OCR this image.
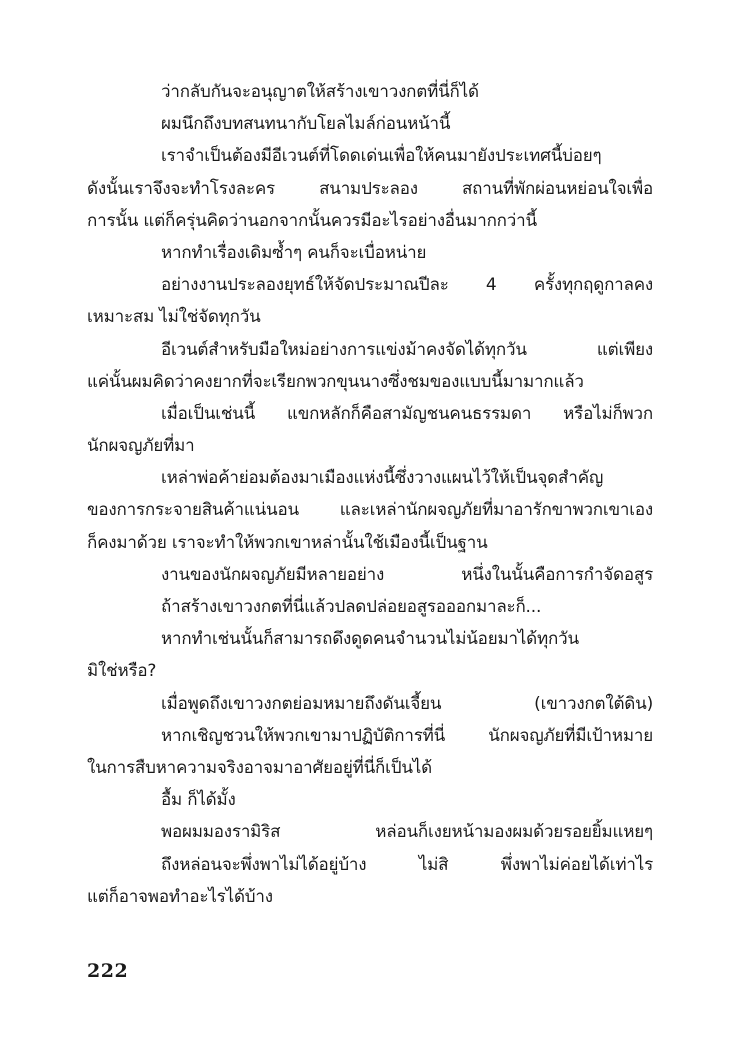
ว่ากลับกันจะอนุญาตให้สร้างเขาวงกตที่นี่ก็ได้
ผมนึกถึงบทสนทนากับโยลไมล์ก่อนหน้านี้
เราจำเป็นต้องมีอีเวนต์ที่โดดเด่นเพื่อให้คนมายังประเทศนี้บ่อยๆ
ดังนั้นเราจึงจะทำโรงละคร สนามประลอง สถานที่พักผ่อนหย่อนใจเพื่อ
การนั้น แต่ก็ครุ่นคิดว่านอกจากนั้นควรมีอะไรอย่างอื่นมากกว่านี้
หากทำเรื่องเดิมซ้ำๆ คนก็จะเบื่อหน่าย
อย่างงานประลองยุทธ์ให้จัดประมาณปีละ 4 ครั้งทุกฤดูกาลคง
เหมาะสม ไม่ใช่จัดทุกวัน
อีเวนต์สำหรับมือใหม่อย่างการแข่งม้าคงจัดได้ทุกวัน แต่เพียง
แค่นั้นผมคิดว่าคงยากที่จะเรียกพวกขุนนางซึ่งชมของแบบนี้มามากแล้ว
เมื่อเป็นเช่นนี้ แขกหลักก็คือสามัญชนคนธรรมดา หรือไม่ก็พวก
นักผจญภัยที่มา
เหล่าพ่อค้าย่อมต้องมาเมืองแห่งนี้ซึ่งวางแผนไว้ให้เป็นจุดสำคัญ
ของการกระจายสินค้าแน่นอน และเหล่านักผจญภัยที่มาอารักขาพวกเขาเอง
ก็คงมาด้วย เราจะทำให้พวกเขาหล่านั้นใช้เมืองนี้เป็นฐาน
งานของนักผจญภัยมีหลายอย่าง หนึ่งในนั้นคือการกำจัดอสูร
ถ้าสร้างเขาวงกตที่นี่แล้วปลดปล่อยอสูรอออกมาละก็...
หากทำเช่นนั้นก็สามารถดึงดูดคนจำนวนไม่น้อยมาได้ทุกวัน
มิใช่หรือ?
เมื่อพูดถึงเขาวงกตย่อมหมายถึงดันเจี้ยน (เขาวงกตใต้ดิน)
หากเชิญชวนให้พวกเขามาปฏิบัติการที่นี่ นักผจญภัยที่มีเป้าหมาย
ในการสืบหาความจริงอาจมาอาศัยอยู่ที่นี่ก็เป็นได้
อื้ม ก็ได้มั้ง
พอผมมองรามิริส หล่อนก็เงยหน้ามองผมด้วยรอยยิ้มแหยๆ
ถึงหล่อนจะพึ่งพาไม่ได้อยู่บ้าง ไม่สิ พึ่งพาไม่ค่อยได้เท่าไร
แต่ก็อาจพอทำอะไรได้บ้าง
222
